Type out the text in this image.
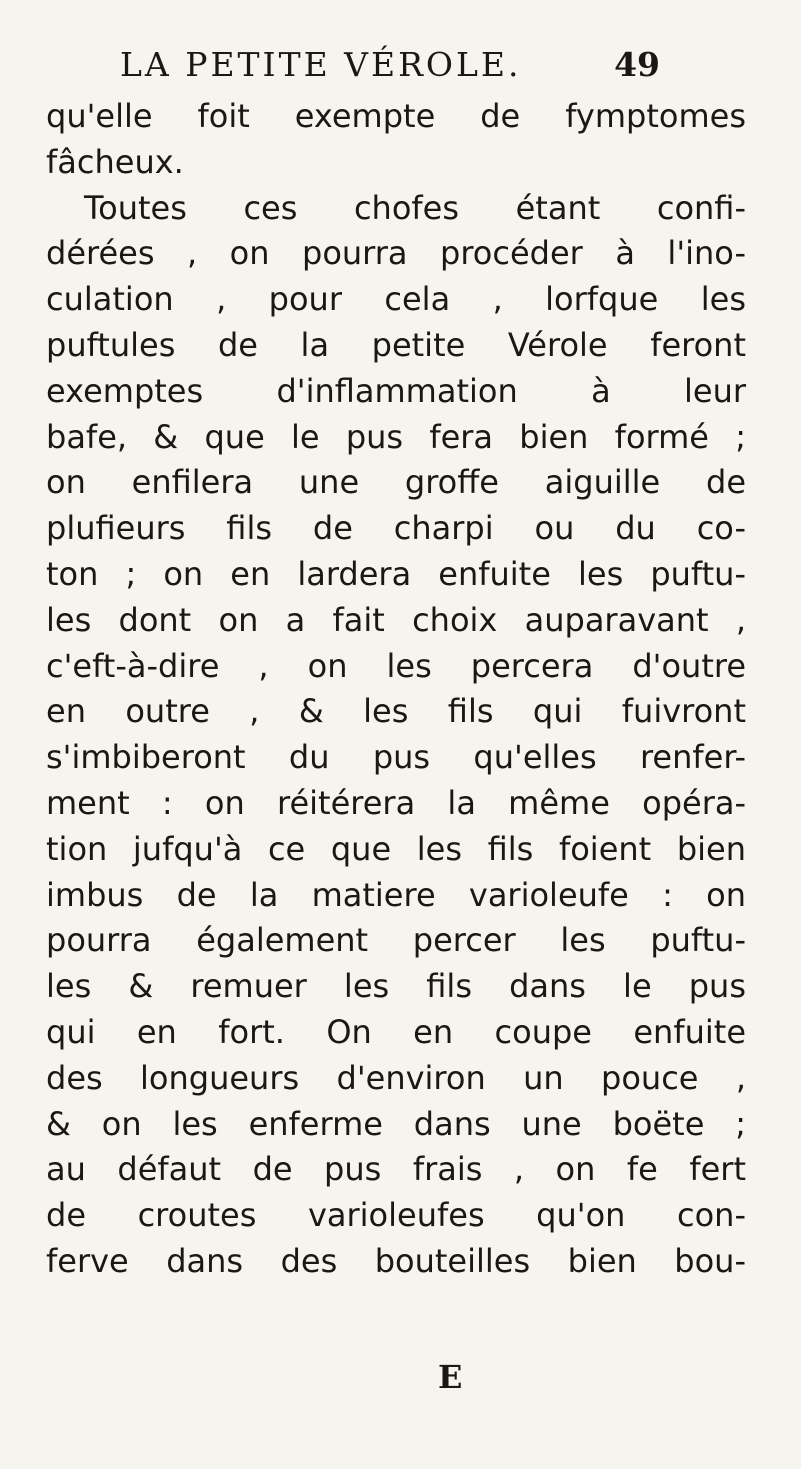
LA PETITE VÉROLE.	49
qu'elle foit exempte de fymptomes
fâcheux.
Toutes ces chofes étant confi-
dérées , on pourra procéder à l'ino-
culation , pour cela , lorfque les
puftules de la petite Vérole feront
exemptes d'inflammation à leur
bafe, & que le pus fera bien formé ;
on enfilera une groffe aiguille de
plufieurs fils de charpi ou du co-
ton ; on en lardera enfuite les puftu-
les dont on a fait choix auparavant ,
c'eft-à-dire , on les percera d'outre
en outre , & les fils qui fuivront
s'imbiberont du pus qu'elles renfer-
ment : on réitérera la même opéra-
tion jufqu'à ce que les fils foient bien
imbus de la matiere varioleufe : on
pourra également percer les puftu-
les & remuer les fils dans le pus
qui en fort. On en coupe enfuite
des longueurs d'environ un pouce ,
& on les enferme dans une boëte ;
au défaut de pus frais , on fe fert
de croutes varioleufes qu'on con-
ferve dans des bouteilles bien bou-
E
